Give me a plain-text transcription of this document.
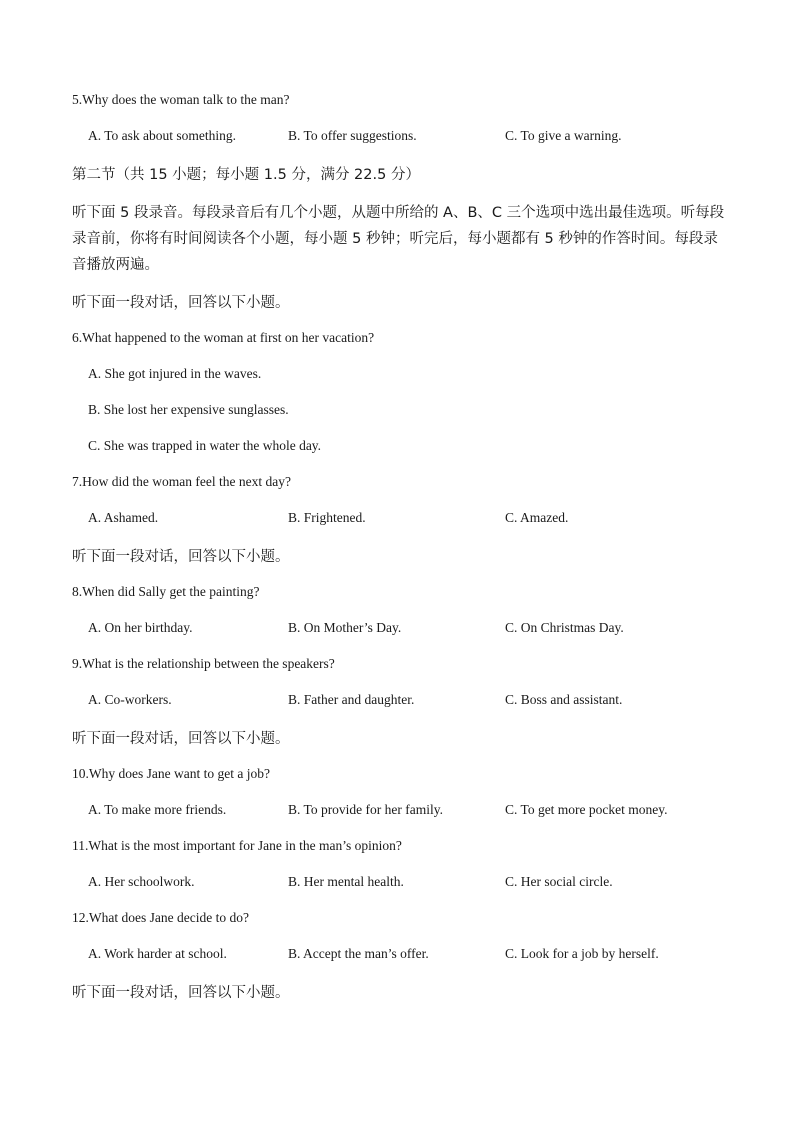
5.Why does the woman talk to the man?
A. To ask about something.	B. To offer suggestions.	C. To give a warning.
第二节（共 15 小题；每小题 1.5 分，满分 22.5 分）
听下面 5 段录音。每段录音后有几个小题，从题中所给的 A、B、C 三个选项中选出最佳选项。听每段录音前，你将有时间阅读各个小题，每小题 5 秒钟；听完后，每小题都有 5 秒钟的作答时间。每段录音播放两遍。
听下面一段对话，回答以下小题。
6.What happened to the woman at first on her vacation?
A. She got injured in the waves.
B. She lost her expensive sunglasses.
C. She was trapped in water the whole day.
7.How did the woman feel the next day?
A. Ashamed.	B. Frightened.	C. Amazed.
听下面一段对话，回答以下小题。
8.When did Sally get the painting?
A. On her birthday.	B. On Mother’s Day.	C. On Christmas Day.
9.What is the relationship between the speakers?
A. Co-workers.	B. Father and daughter.	C. Boss and assistant.
听下面一段对话，回答以下小题。
10.Why does Jane want to get a job?
A. To make more friends.	B. To provide for her family.	C. To get more pocket money.
11.What is the most important for Jane in the man’s opinion?
A. Her schoolwork.	B. Her mental health.	C. Her social circle.
12.What does Jane decide to do?
A. Work harder at school.	B. Accept the man’s offer.	C. Look for a job by herself.
听下面一段对话，回答以下小题。
